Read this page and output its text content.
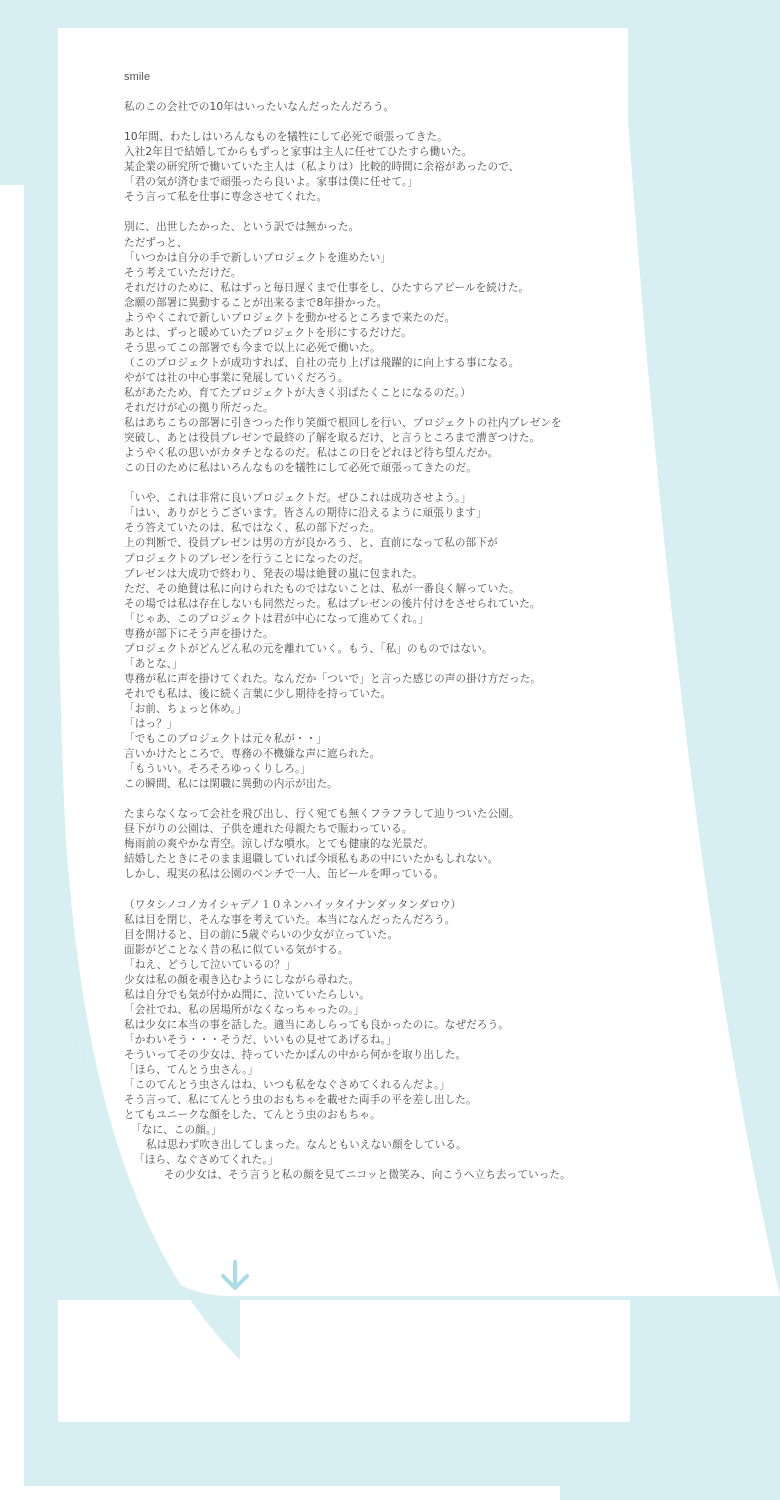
smile
私のこの会社での10年はいったいなんだったんだろう。
10年間、わたしはいろんなものを犠牲にして必死で頑張ってきた。
入社2年目で結婚してからもずっと家事は主人に任せてひたすら働いた。
某企業の研究所で働いていた主人は（私よりは）比較的時間に余裕があったので、
「君の気が済むまで頑張ったら良いよ。家事は僕に任せて。」
そう言って私を仕事に専念させてくれた。
別に、出世したかった、という訳では無かった。
ただずっと、
「いつかは自分の手で新しいプロジェクトを進めたい」
そう考えていただけだ。
それだけのために、私はずっと毎日遅くまで仕事をし、ひたすらアピールを続けた。
念願の部署に異動することが出来るまで8年掛かった。
ようやくこれで新しいプロジェクトを動かせるところまで来たのだ。
あとは、ずっと暖めていたプロジェクトを形にするだけだ。
そう思ってこの部署でも今まで以上に必死で働いた。
（このプロジェクトが成功すれば、自社の売り上げは飛躍的に向上する事になる。
やがては社の中心事業に発展していくだろう。
私があたため、育てたプロジェクトが大きく羽ばたくことになるのだ。）
それだけが心の拠り所だった。
私はあちこちの部署に引きつった作り笑顔で根回しを行い、プロジェクトの社内プレゼンを
突破し、あとは役員プレゼンで最終の了解を取るだけ、と言うところまで漕ぎつけた。
ようやく私の思いがカタチとなるのだ。私はこの日をどれほど待ち望んだか。
この日のために私はいろんなものを犠牲にして必死で頑張ってきたのだ。
「いや、これは非常に良いプロジェクトだ。ぜひこれは成功させよう。」
「はい、ありがとうございます。皆さんの期待に沿えるように頑張ります」
そう答えていたのは、私ではなく、私の部下だった。
上の判断で、役員プレゼンは男の方が良かろう、と、直前になって私の部下が
プロジェクトのプレゼンを行うことになったのだ。
プレゼンは大成功で終わり、発表の場は絶賛の嵐に包まれた。
ただ、その絶賛は私に向けられたものではないことは、私が一番良く解っていた。
その場では私は存在しないも同然だった。私はプレゼンの後片付けをさせられていた。
「じゃあ、このプロジェクトは君が中心になって進めてくれ。」
専務が部下にそう声を掛けた。
プロジェクトがどんどん私の元を離れていく。もう、「私」のものではない。
「あとな、」
専務が私に声を掛けてくれた。なんだか「ついで」と言った感じの声の掛け方だった。
それでも私は、後に続く言葉に少し期待を持っていた。
「お前、ちょっと休め。」
「はっ？」
「でもこのプロジェクトは元々私が・・」
言いかけたところで、専務の不機嫌な声に遮られた。
「もういい。そろそろゆっくりしろ。」
この瞬間、私には閑職に異動の内示が出た。
たまらなくなって会社を飛び出し、行く宛ても無くフラフラして辿りついた公園。
昼下がりの公園は、子供を連れた母親たちで賑わっている。
梅雨前の爽やかな青空。涼しげな噴水。とても健康的な光景だ。
結婚したときにそのまま退職していれば今頃私もあの中にいたかもしれない。
しかし、現実の私は公園のベンチで一人、缶ビールを呷っている。
（ワタシノコノカイシャデノ１０ネンハイッタイナンダッタンダロウ）
私は目を閉じ、そんな事を考えていた。本当になんだったんだろう。
目を開けると、目の前に5歳ぐらいの少女が立っていた。
面影がどことなく昔の私に似ている気がする。
「ねえ、どうして泣いているの？」
少女は私の顔を覗き込むようにしながら尋ねた。
私は自分でも気が付かぬ間に、泣いていたらしい。
「会社でね、私の居場所がなくなっちゃったの。」
私は少女に本当の事を話した。適当にあしらっても良かったのに。なぜだろう。
「かわいそう・・・そうだ、いいもの見せてあげるね。」
そういってその少女は、持っていたかばんの中から何かを取り出した。
「ほら、てんとう虫さん。」
「このてんとう虫さんはね、いつも私をなぐさめてくれるんだよ。」
そう言って、私にてんとう虫のおもちゃを載せた両手の平を差し出した。
とてもユニークな顔をした、てんとう虫のおもちゃ。
「なに、この顔。」
私は思わず吹き出してしまった。なんともいえない顔をしている。
「ほら、なぐさめてくれた。」
その少女は、そう言うと私の顔を見てニコッと微笑み、向こうへ立ち去っていった。
